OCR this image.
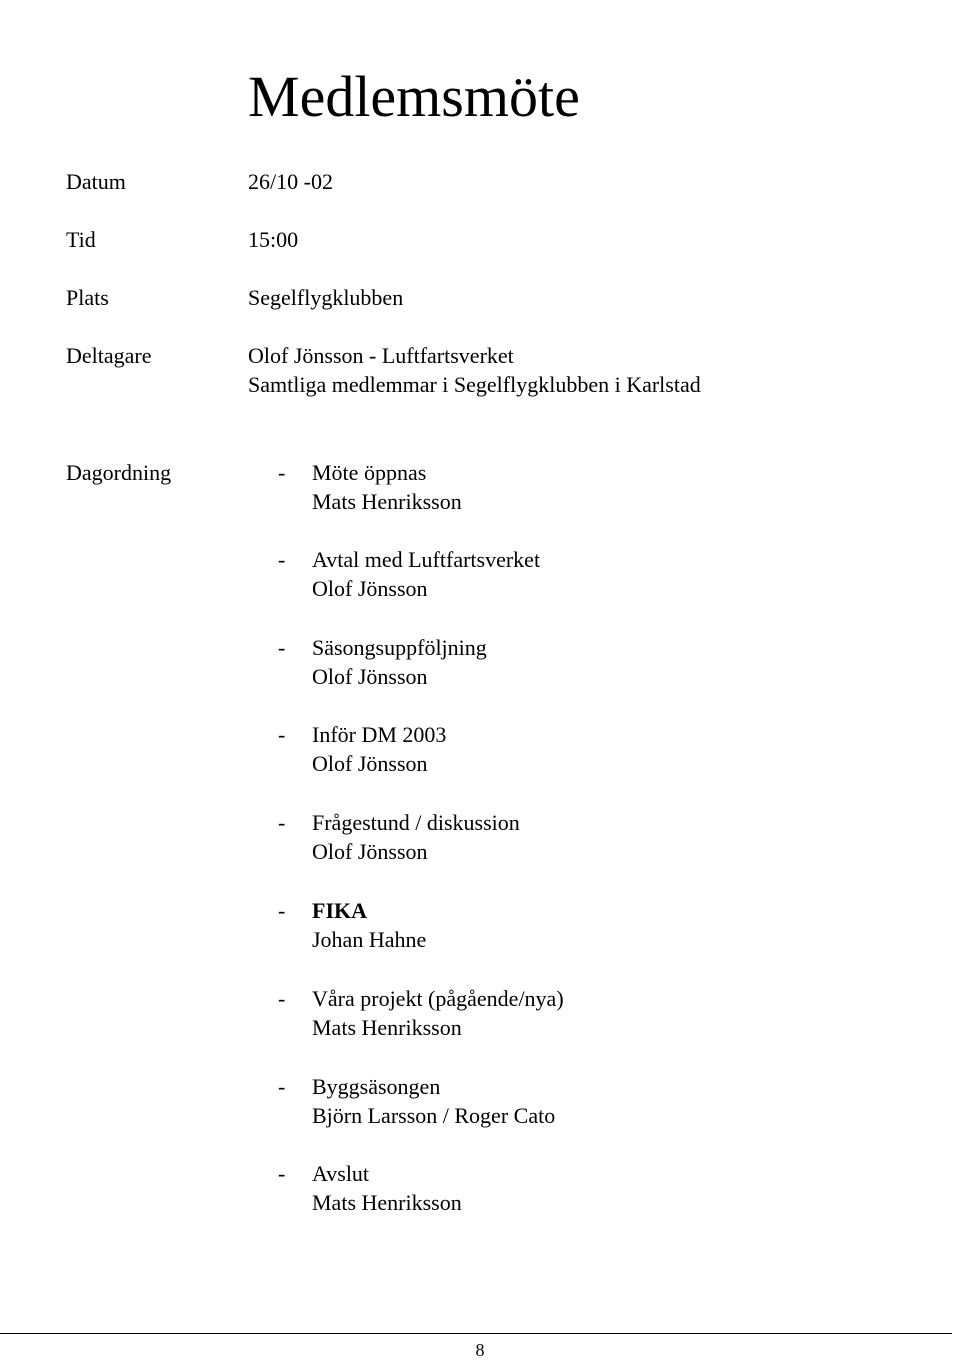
Medlemsmöte
Datum	26/10 -02
Tid	15:00
Plats	Segelflygklubben
Deltagare	Olof Jönsson - Luftfartsverket
Samtliga medlemmar i Segelflygklubben i Karlstad
Dagordning	- Möte öppnas
Mats Henriksson
- Avtal med Luftfartsverket
Olof Jönsson
- Säsongsuppföljning
Olof Jönsson
- Inför DM 2003
Olof Jönsson
- Frågestund / diskussion
Olof Jönsson
- FIKA
Johan Hahne
- Våra projekt (pågående/nya)
Mats Henriksson
- Byggsäsongen
Björn Larsson / Roger Cato
- Avslut
Mats Henriksson
8
